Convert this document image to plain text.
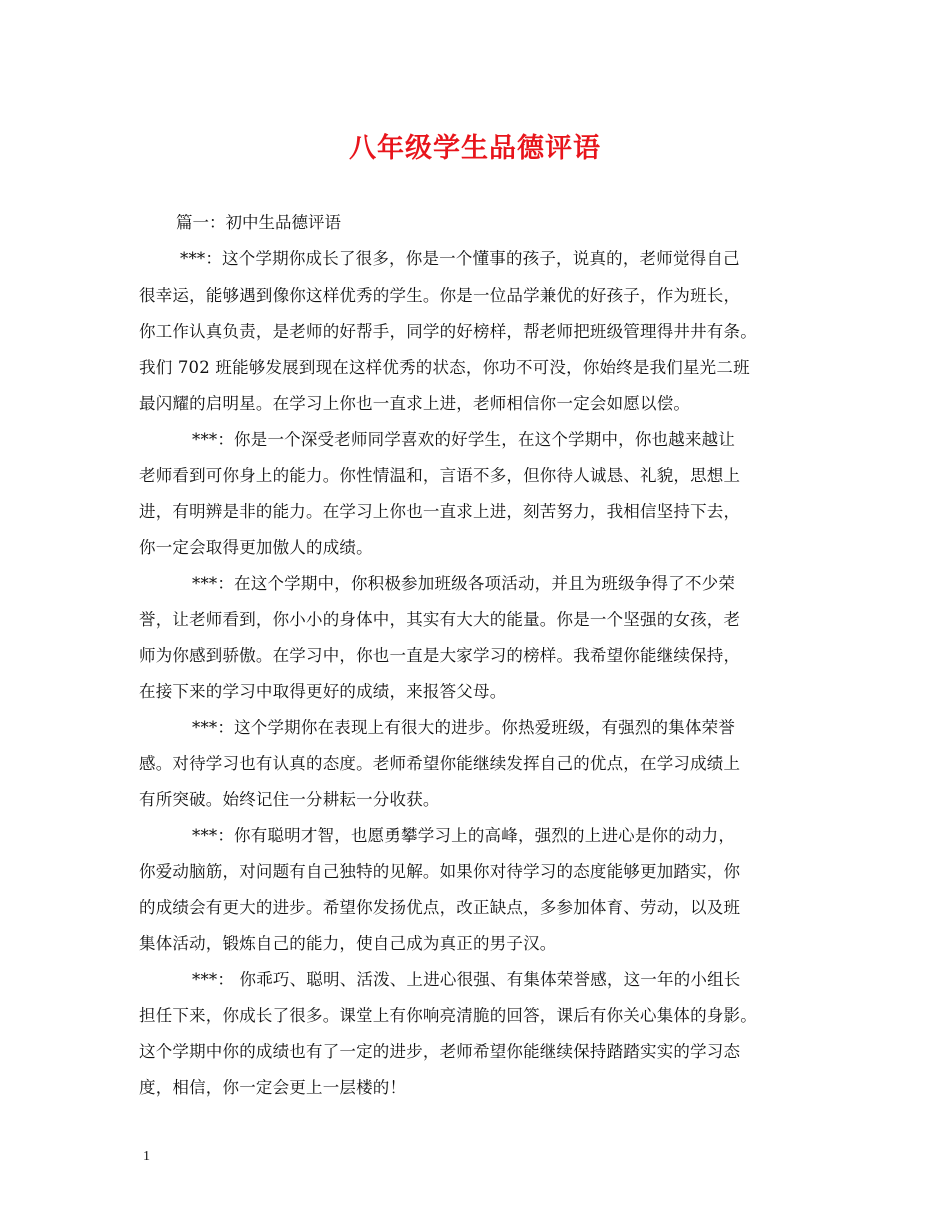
八年级学生品德评语
篇一：初中生品德评语
***：这个学期你成长了很多，你是一个懂事的孩子，说真的，老师觉得自己
很幸运，能够遇到像你这样优秀的学生。你是一位品学兼优的好孩子，作为班长，
你工作认真负责，是老师的好帮手，同学的好榜样，帮老师把班级管理得井井有条。
我们 702 班能够发展到现在这样优秀的状态，你功不可没，你始终是我们星光二班
最闪耀的启明星。在学习上你也一直求上进，老师相信你一定会如愿以偿。
***：你是一个深受老师同学喜欢的好学生，在这个学期中，你也越来越让
老师看到可你身上的能力。你性情温和，言语不多，但你待人诚恳、礼貌，思想上
进，有明辨是非的能力。在学习上你也一直求上进，刻苦努力，我相信坚持下去，
你一定会取得更加傲人的成绩。
***：在这个学期中，你积极参加班级各项活动，并且为班级争得了不少荣
誉，让老师看到，你小小的身体中，其实有大大的能量。你是一个坚强的女孩，老
师为你感到骄傲。在学习中，你也一直是大家学习的榜样。我希望你能继续保持，
在接下来的学习中取得更好的成绩，来报答父母。
***：这个学期你在表现上有很大的进步。你热爱班级，有强烈的集体荣誉
感。对待学习也有认真的态度。老师希望你能继续发挥自己的优点，在学习成绩上
有所突破。始终记住一分耕耘一分收获。
***：你有聪明才智，也愿勇攀学习上的高峰，强烈的上进心是你的动力，
你爱动脑筋，对问题有自己独特的见解。如果你对待学习的态度能够更加踏实，你
的成绩会有更大的进步。希望你发扬优点，改正缺点，多参加体育、劳动，以及班
集体活动，锻炼自己的能力，使自己成为真正的男子汉。
***： 你乖巧、聪明、活泼、上进心很强、有集体荣誉感，这一年的小组长
担任下来，你成长了很多。课堂上有你响亮清脆的回答，课后有你关心集体的身影。
这个学期中你的成绩也有了一定的进步，老师希望你能继续保持踏踏实实的学习态
度，相信，你一定会更上一层楼的！
1
